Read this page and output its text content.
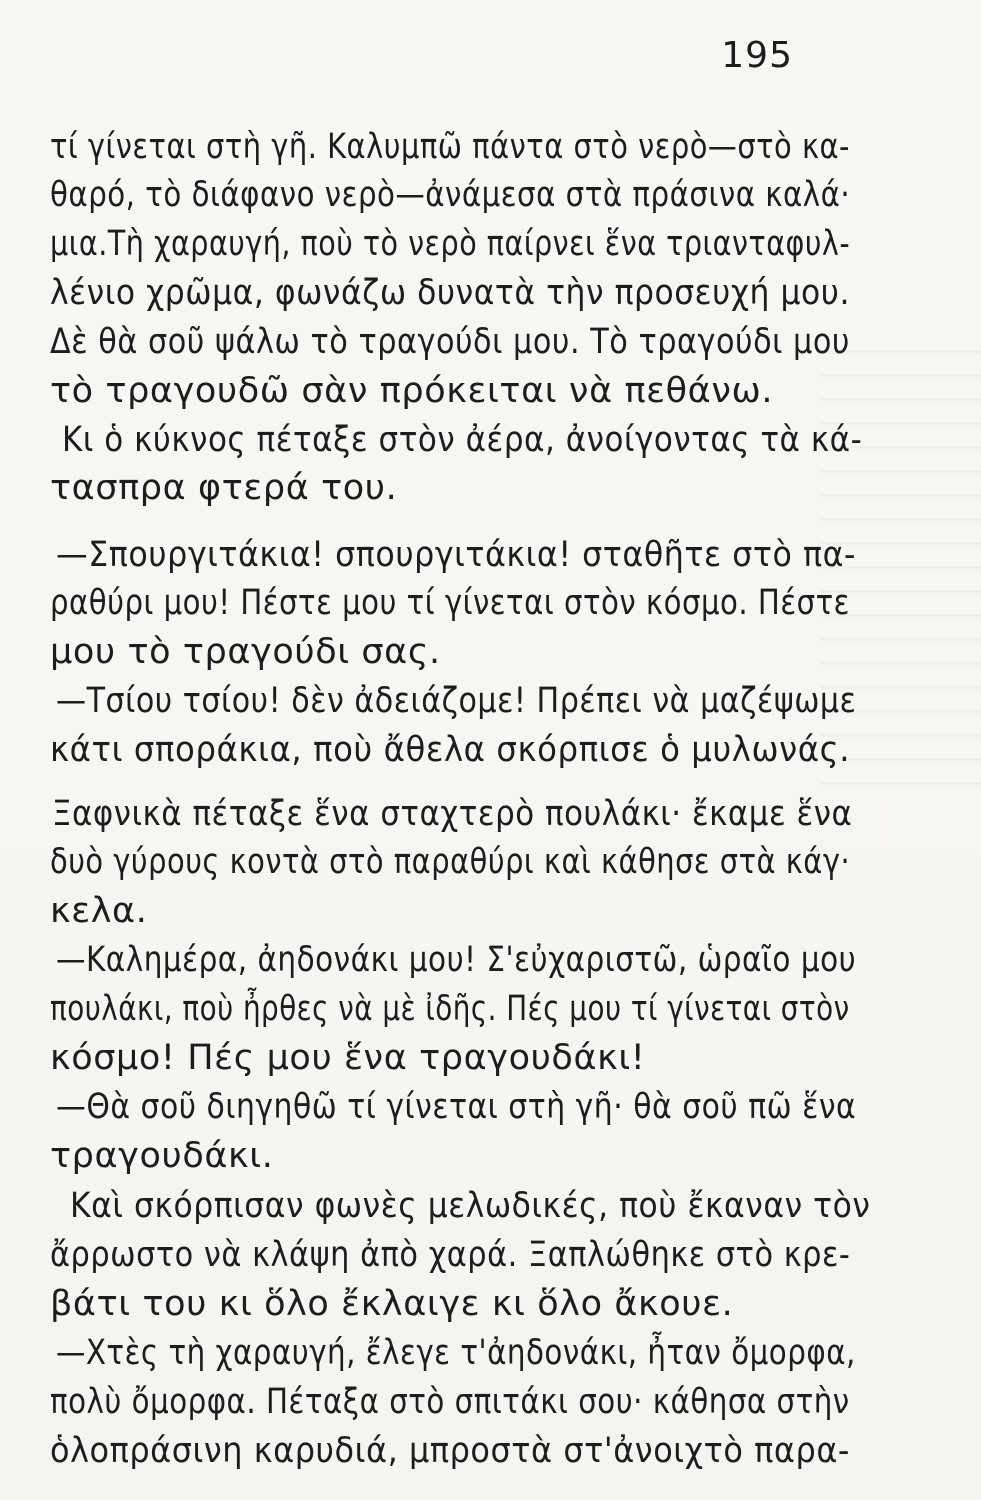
195
τί γίνεται στὴ γῆ. Καλυμπῶ πάντα στὸ νερὸ—στὸ κα-
θαρό, τὸ διάφανο νερὸ—ἀνάμεσα στὰ πράσινα καλά·
μια.Τὴ χαραυγή, ποὺ τὸ νερὸ παίρνει ἕνα τριανταφυλ-
λένιο χρῶμα, φωνάζω δυνατὰ τὴν προσευχή μου.
Δὲ θὰ σοῦ ψάλω τὸ τραγούδι μου. Τὸ τραγούδι μου
τὸ τραγουδῶ σὰν πρόκειται νὰ πεθάνω.
Κι ὁ κύκνος πέταξε στὸν ἀέρα, ἀνοίγοντας τὰ κά-
τασπρα φτερά του.
—Σπουργιτάκια! σπουργιτάκια! σταθῆτε στὸ πα-
ραθύρι μου! Πέστε μου τί γίνεται στὸν κόσμο. Πέστε
μου τὸ τραγούδι σας.
—Τσίου τσίου! δὲν ἀδειάζομε! Πρέπει νὰ μαζέψωμε
κάτι σποράκια, ποὺ ἄθελα σκόρπισε ὁ μυλωνάς.
Ξαφνικὰ πέταξε ἕνα σταχτερὸ πουλάκι· ἔκαμε ἕνα
δυὸ γύρους κοντὰ στὸ παραθύρι καὶ κάθησε στὰ κάγ·
κελα.
—Καλημέρα, ἀηδονάκι μου! Σ'εὐχαριστῶ, ὡραῖο μου
πουλάκι, ποὺ ἦρθες νὰ μὲ ἰδῆς. Πές μου τί γίνεται στὸν
κόσμο! Πές μου ἕνα τραγουδάκι!
—Θὰ σοῦ διηγηθῶ τί γίνεται στὴ γῆ· θὰ σοῦ πῶ ἕνα
τραγουδάκι.
Καὶ σκόρπισαν φωνὲς μελωδικές, ποὺ ἔκαναν τὸν
ἄρρωστο νὰ κλάψη ἀπὸ χαρά. Ξαπλώθηκε στὸ κρε-
βάτι του κι ὅλο ἔκλαιγε κι ὅλο ἄκουε.
—Χτὲς τὴ χαραυγή, ἔλεγε τ'ἀηδονάκι, ἦταν ὄμορφα,
πολὺ ὄμορφα. Πέταξα στὸ σπιτάκι σου· κάθησα στὴν
ὁλοπράσινη καρυδιά, μπροστὰ στ'ἀνοιχτὸ παρα-
